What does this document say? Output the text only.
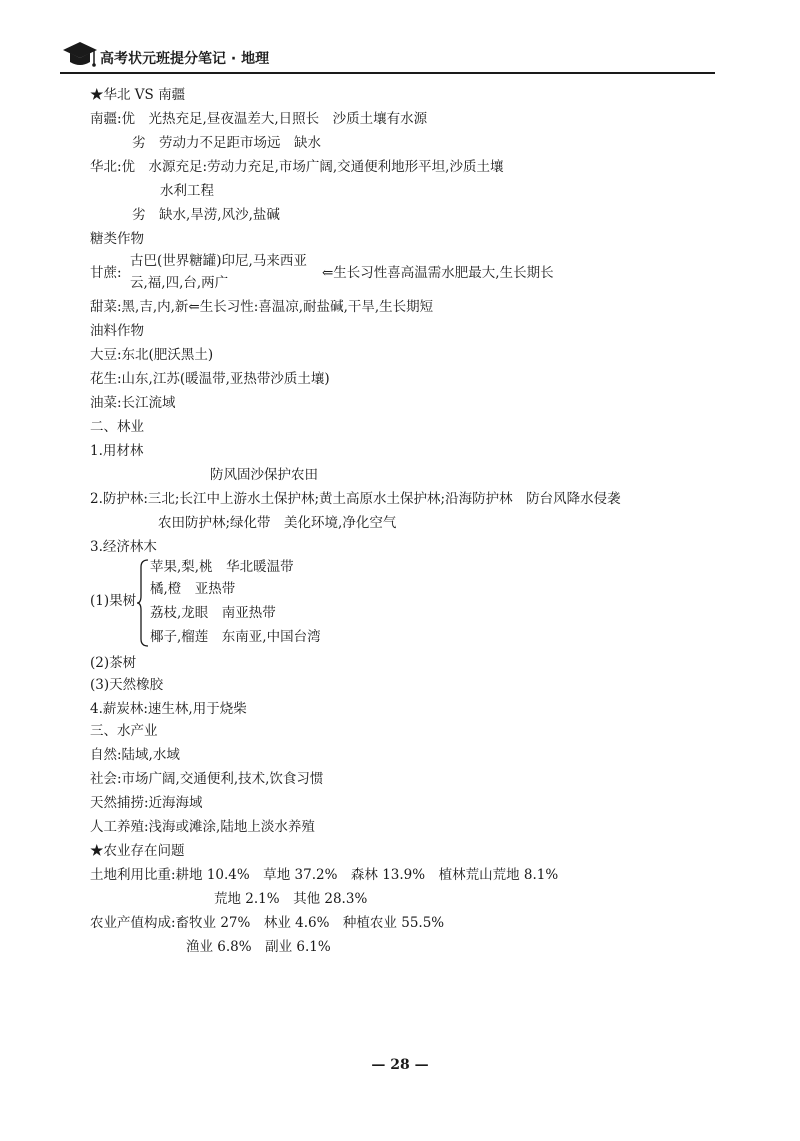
高考状元班提分笔记 · 地理
★华北 VS 南疆
南疆:优　光热充足,昼夜温差大,日照长　沙质土壤有水源
劣　劳动力不足距市场远　缺水
华北:优　水源充足:劳动力充足,市场广阔,交通便利地形平坦,沙质土壤
水利工程
劣　缺水,旱涝,风沙,盐碱
糖类作物
古巴(世界糖罐)印尼,马来西亚
甘蔗:	⇐生长习性喜高温需水肥最大,生长期长
云,福,四,台,两广
甜菜:黑,吉,内,新⇐生长习性:喜温凉,耐盐碱,干旱,生长期短
油料作物
大豆:东北(肥沃黑土)
花生:山东,江苏(暖温带,亚热带沙质土壤)
油菜:长江流域
二、林业
1.用材林
防风固沙保护农田
2.防护林:三北;长江中上游水土保护林;黄土高原水土保护林;沿海防护林　防台风降水侵袭
农田防护林;绿化带　美化环境,净化空气
3.经济林木
苹果,梨,桃　华北暖温带
橘,橙　亚热带
(1)果树
荔枝,龙眼　南亚热带
椰子,榴莲　东南亚,中国台湾
(2)茶树
(3)天然橡胶
4.薪炭林:速生林,用于烧柴
三、水产业
自然:陆域,水域
社会:市场广阔,交通便利,技术,饮食习惯
天然捕捞:近海海域
人工养殖:浅海或滩涂,陆地上淡水养殖
★农业存在问题
土地利用比重:耕地 10.4%　草地 37.2%　森林 13.9%　植林荒山荒地 8.1%
荒地 2.1%　其他 28.3%
农业产值构成:畜牧业 27%　林业 4.6%　种植农业 55.5%
渔业 6.8%　副业 6.1%
— 28 —
